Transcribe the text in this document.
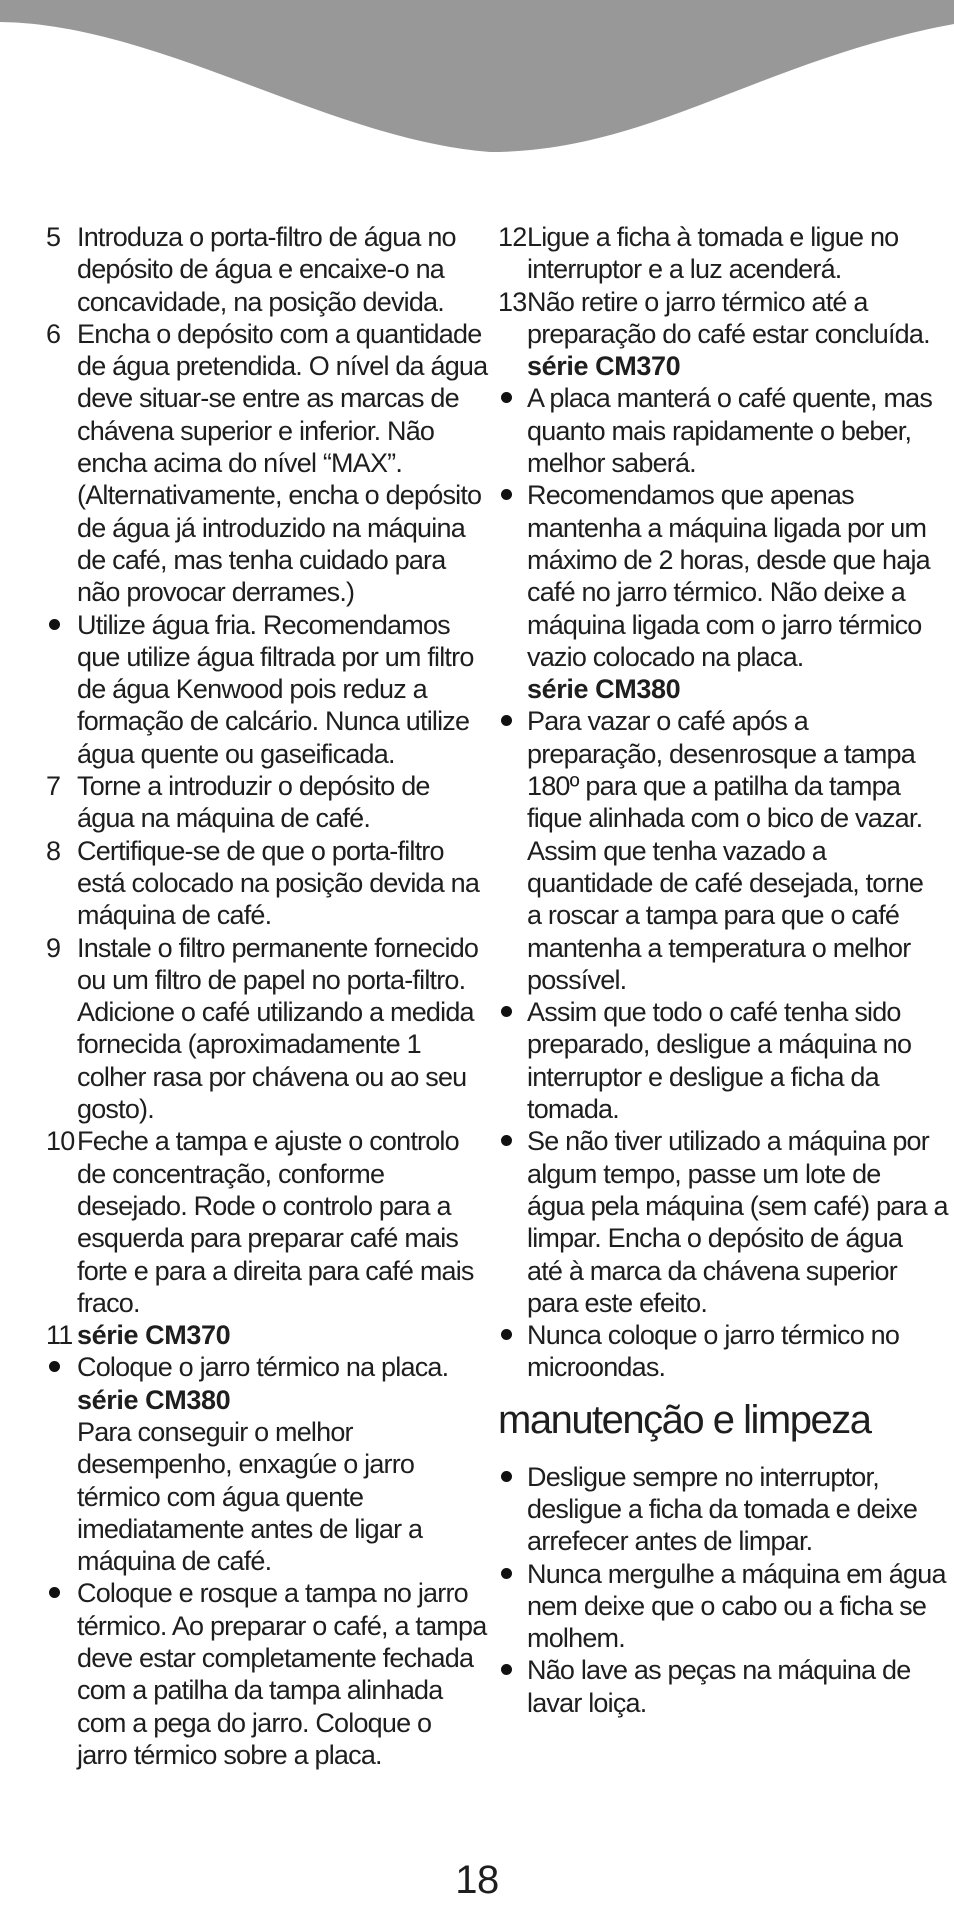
5 Introduza o porta-filtro de água no
depósito de água e encaixe-o na
concavidade, na posição devida.
6 Encha o depósito com a quantidade
de água pretendida. O nível da água
deve situar-se entre as marcas de
chávena superior e inferior. Não
encha acima do nível “MAX”.
(Alternativamente, encha o depósito
de água já introduzido na máquina
de café, mas tenha cuidado para
não provocar derrames.)
Utilize água fria. Recomendamos
que utilize água filtrada por um filtro
de água Kenwood pois reduz a
formação de calcário. Nunca utilize
água quente ou gaseificada.
7 Torne a introduzir o depósito de
água na máquina de café.
8 Certifique-se de que o porta-filtro
está colocado na posição devida na
máquina de café.
9 Instale o filtro permanente fornecido
ou um filtro de papel no porta-filtro.
Adicione o café utilizando a medida
fornecida (aproximadamente 1
colher rasa por chávena ou ao seu
gosto).
10 Feche a tampa e ajuste o controlo
de concentração, conforme
desejado. Rode o controlo para a
esquerda para preparar café mais
forte e para a direita para café mais
fraco.
11 série CM370
Coloque o jarro térmico na placa.
série CM380
Para conseguir o melhor
desempenho, enxagúe o jarro
térmico com água quente
imediatamente antes de ligar a
máquina de café.
Coloque e rosque a tampa no jarro
térmico. Ao preparar o café, a tampa
deve estar completamente fechada
com a patilha da tampa alinhada
com a pega do jarro. Coloque o
jarro térmico sobre a placa.
12 Ligue a ficha à tomada e ligue no
interruptor e a luz acenderá.
13 Não retire o jarro térmico até a
preparação do café estar concluída.
série CM370
A placa manterá o café quente, mas
quanto mais rapidamente o beber,
melhor saberá.
Recomendamos que apenas
mantenha a máquina ligada por um
máximo de 2 horas, desde que haja
café no jarro térmico. Não deixe a
máquina ligada com o jarro térmico
vazio colocado na placa.
série CM380
Para vazar o café após a
preparação, desenrosque a tampa
180º para que a patilha da tampa
fique alinhada com o bico de vazar.
Assim que tenha vazado a
quantidade de café desejada, torne
a roscar a tampa para que o café
mantenha a temperatura o melhor
possível.
Assim que todo o café tenha sido
preparado, desligue a máquina no
interruptor e desligue a ficha da
tomada.
Se não tiver utilizado a máquina por
algum tempo, passe um lote de
água pela máquina (sem café) para a
limpar. Encha o depósito de água
até à marca da chávena superior
para este efeito.
Nunca coloque o jarro térmico no
microondas.
manutenção e limpeza
Desligue sempre no interruptor,
desligue a ficha da tomada e deixe
arrefecer antes de limpar.
Nunca mergulhe a máquina em água
nem deixe que o cabo ou a ficha se
molhem.
Não lave as peças na máquina de
lavar loiça.
18
